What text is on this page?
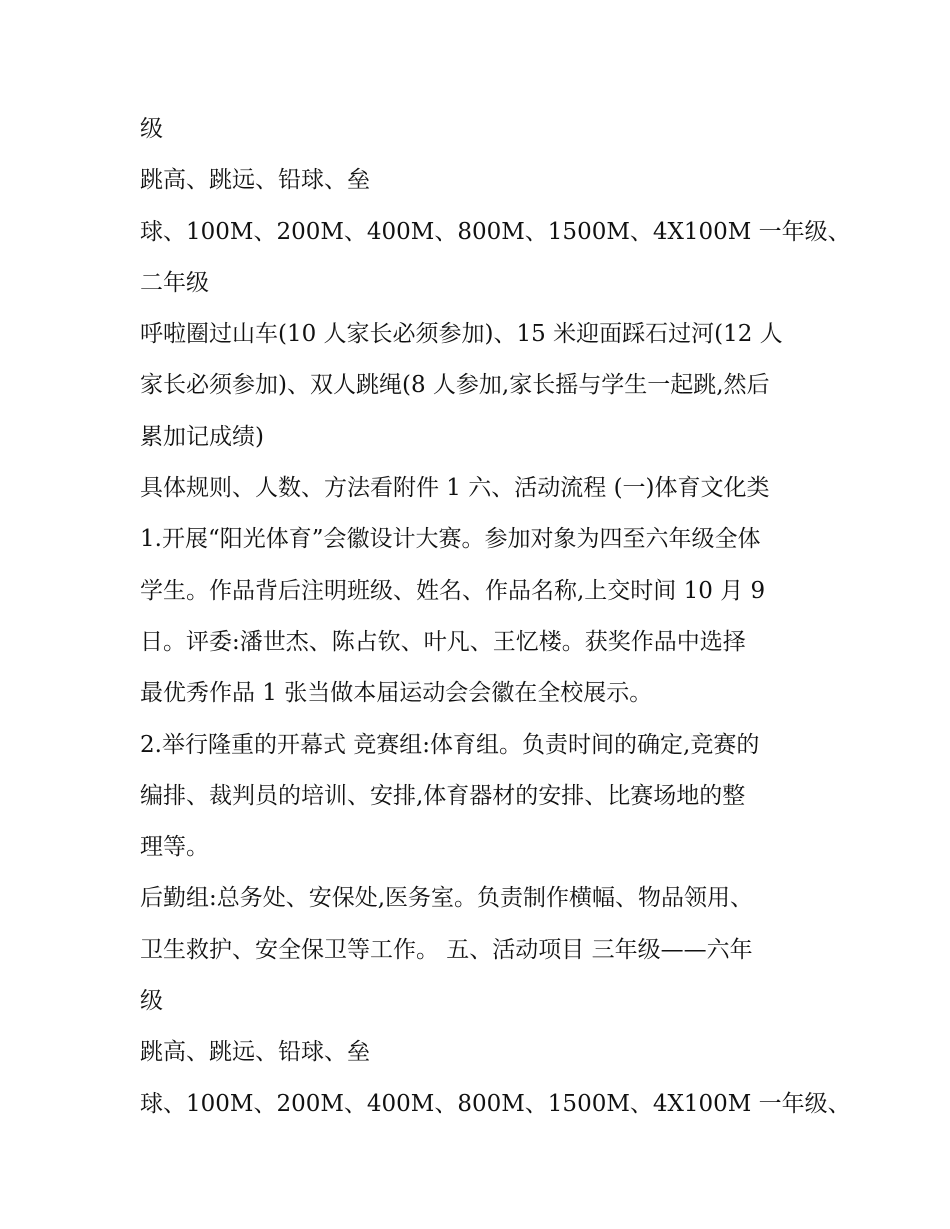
级
跳高、跳远、铅球、垒
球、100M、200M、400M、800M、1500M、4X100M 一年级、
二年级
呼啦圈过山车(10 人家长必须参加)、15 米迎面踩石过河(12 人
家长必须参加)、双人跳绳(8 人参加,家长摇与学生一起跳,然后
累加记成绩)
具体规则、人数、方法看附件 1 六、活动流程 (一)体育文化类
1.开展“阳光体育”会徽设计大赛。参加对象为四至六年级全体
学生。作品背后注明班级、姓名、作品名称,上交时间 10 月 9
日。评委:潘世杰、陈占钦、叶凡、王忆楼。获奖作品中选择
最优秀作品 1 张当做本届运动会会徽在全校展示。
2.举行隆重的开幕式 竞赛组:体育组。负责时间的确定,竞赛的
编排、裁判员的培训、安排,体育器材的安排、比赛场地的整
理等。
后勤组:总务处、安保处,医务室。负责制作横幅、物品领用、
卫生救护、安全保卫等工作。 五、活动项目 三年级——六年
级
跳高、跳远、铅球、垒
球、100M、200M、400M、800M、1500M、4X100M 一年级、
